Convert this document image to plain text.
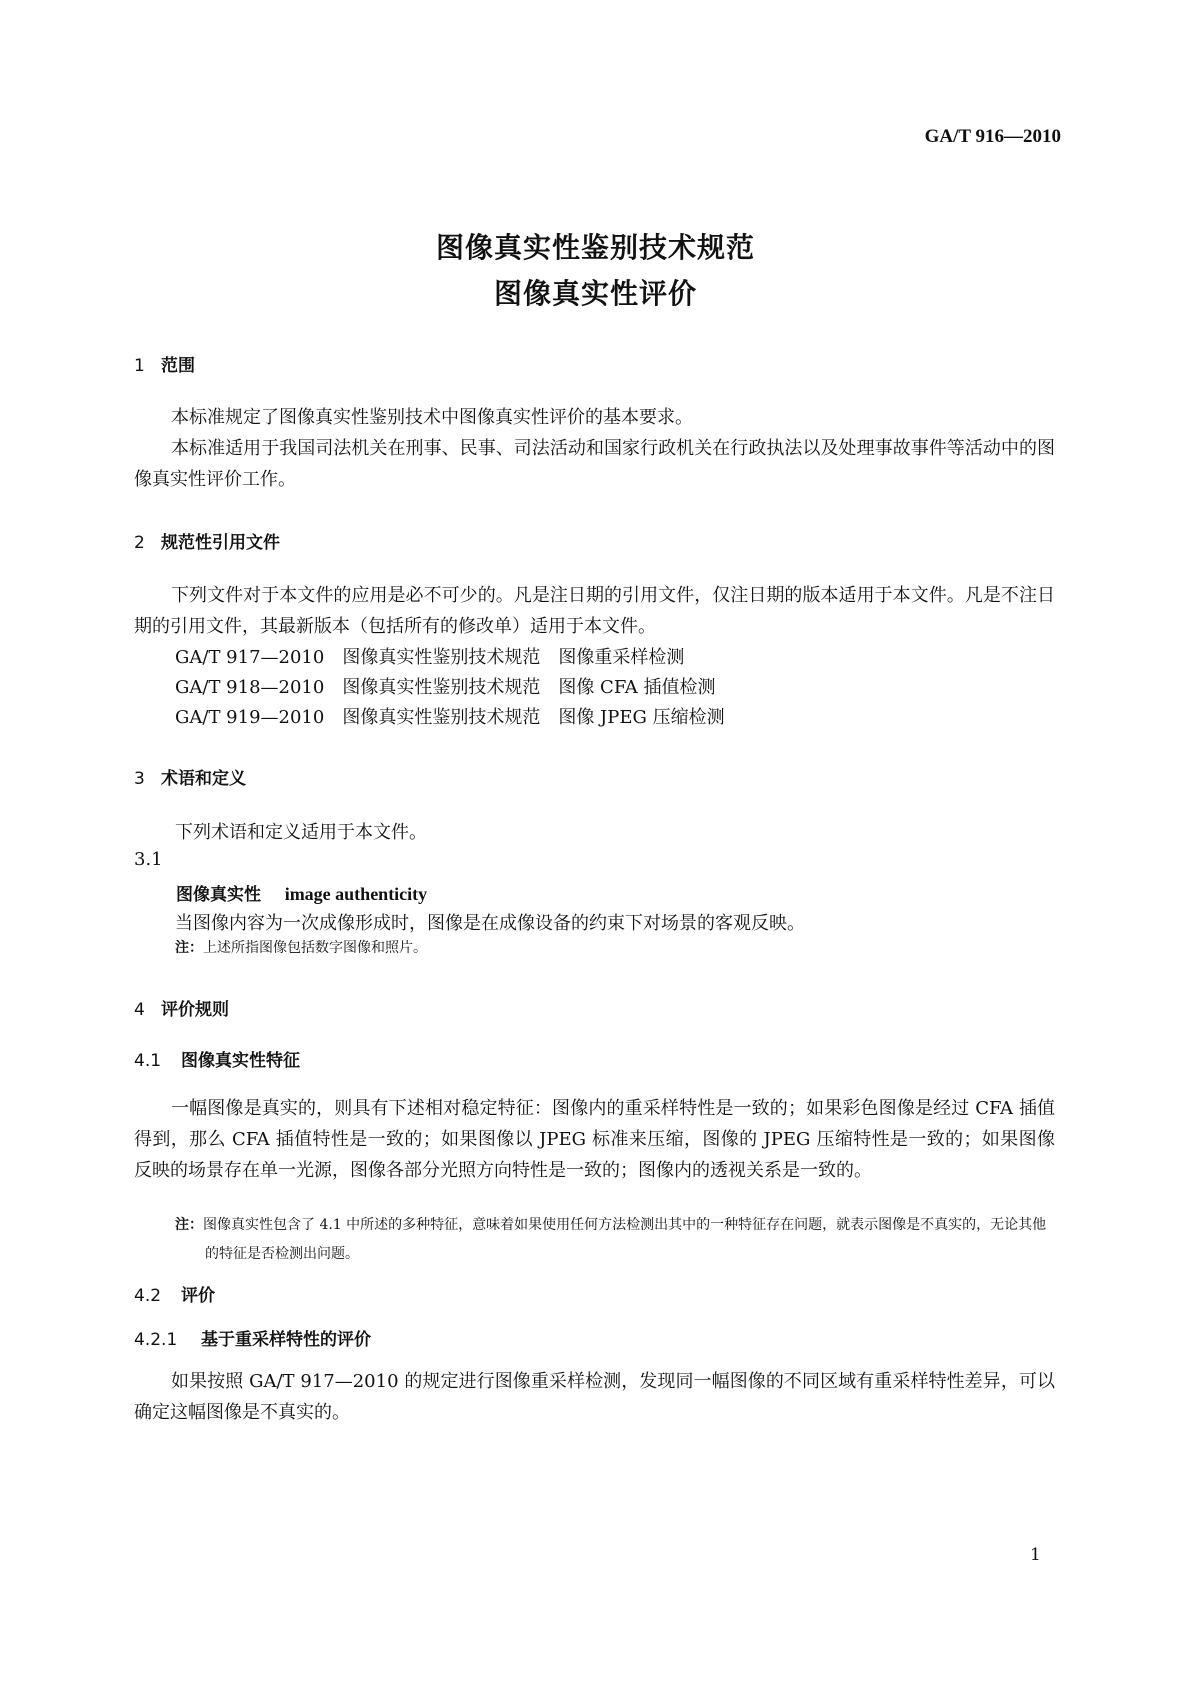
GA/T 916—2010
图像真实性鉴别技术规范
图像真实性评价
1 范围
本标准规定了图像真实性鉴别技术中图像真实性评价的基本要求。
本标准适用于我国司法机关在刑事、民事、司法活动和国家行政机关在行政执法以及处理事故事件等活动中的图像真实性评价工作。
2 规范性引用文件
下列文件对于本文件的应用是必不可少的。凡是注日期的引用文件，仅注日期的版本适用于本文件。凡是不注日期的引用文件，其最新版本（包括所有的修改单）适用于本文件。
GA/T 917—2010　图像真实性鉴别技术规范　图像重采样检测
GA/T 918—2010　图像真实性鉴别技术规范　图像 CFA 插值检测
GA/T 919—2010　图像真实性鉴别技术规范　图像 JPEG 压缩检测
3 术语和定义
下列术语和定义适用于本文件。
3.1
图像真实性 image authenticity
当图像内容为一次成像形成时，图像是在成像设备的约束下对场景的客观反映。
注：上述所指图像包括数字图像和照片。
4 评价规则
4.1 图像真实性特征
一幅图像是真实的，则具有下述相对稳定特征：图像内的重采样特性是一致的；如果彩色图像是经过 CFA 插值得到，那么 CFA 插值特性是一致的；如果图像以 JPEG 标准来压缩，图像的 JPEG 压缩特性是一致的；如果图像反映的场景存在单一光源，图像各部分光照方向特性是一致的；图像内的透视关系是一致的。
注：图像真实性包含了 4.1 中所述的多种特征，意味着如果使用任何方法检测出其中的一种特征存在问题，就表示图像是不真实的，无论其他的特征是否检测出问题。
4.2 评价
4.2.1 基于重采样特性的评价
如果按照 GA/T 917—2010 的规定进行图像重采样检测，发现同一幅图像的不同区域有重采样特性差异，可以确定这幅图像是不真实的。
1
